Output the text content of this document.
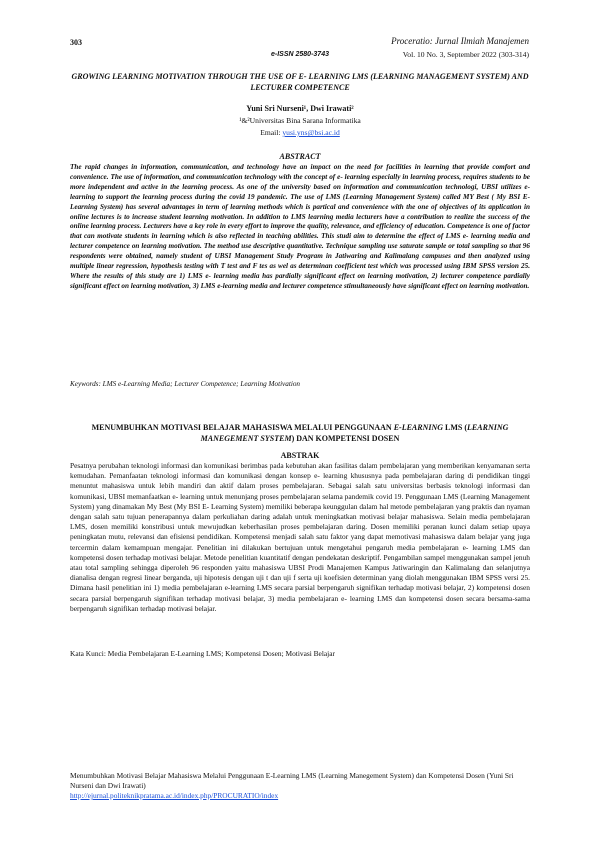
303	Proceratio: Jurnal Ilmiah Manajemen
e-ISSN 2580-3743	Vol. 10 No. 3, September 2022 (303-314)
GROWING LEARNING MOTIVATION THROUGH THE USE OF E- LEARNING LMS (LEARNING MANAGEMENT SYSTEM) AND LECTURER COMPETENCE
Yuni Sri Nurseni¹, Dwi Irawati²
¹&²Universitas Bina Sarana Informatika
Email: yusi.yns@bsi.ac.id
ABSTRACT
The rapid changes in information, communication, and technology have an impact on the need for facilities in learning that provide comfort and convenience. The use of information, and communication technology with the concept of e- learning especially in learning process, requires students to be more independent and active in the learning process. As one of the university based on information and communication technologi, UBSI utilizes e- learning to support the learning process during the covid 19 pandemic. The use of LMS (Learning Management System) called MY Best ( My BSI E- Learning System) has several advantages in term of learning methods which is partical and convenience with the one of objectives of its application in online lectures is to increase student learning motivation. In addition to LMS learning media lecturers have a contribution to realize the success of the online learning process. Lecturers have a key role in every effort to improve the quality, relevance, and efficiency of education. Competence is one of factor that can motivate students in learning which is also reflected in teaching abilities. This studi aim to determine the effect of LMS e- learning media and lecturer competence on learning motivation. The method use descriptive quantitative. Technique sampling use saturate sample or total sampling so that 96 respondents were obtained, namely student of UBSI Management Study Program in Jatiwaring and Kalimalang campuses and then analyzed using multiple linear regression, hypothesis testing with T test and F tes as wel as determinan coefficient test which was processed using IBM SPSS version 25. Where the results of this study are 1) LMS e- learning media has pardially significant effect on learning motivation, 2) lecturer competence pardially significant effect on learning motivation, 3) LMS e-learning media and lecturer competence stimultaneously have significant effect on learning motivation.
Keywords: LMS e-Learning Media; Lecturer Competence; Learning Motivation
MENUMBUHKAN MOTIVASI BELAJAR MAHASISWA MELALUI PENGGUNAAN E-LEARNING LMS (LEARNING MANEGEMENT SYSTEM) DAN KOMPETENSI DOSEN
ABSTRAK
Pesatnya perubahan teknologi informasi dan komunikasi berimbas pada kebutuhan akan fasilitas dalam pembelajaran yang memberikan kenyamanan serta kemudahan. Pemanfaatan teknologi informasi dan komunikasi dengan konsep e- learning khususnya pada pembelajaran daring di pendidikan tinggi menuntut mahasiswa untuk lebih mandiri dan aktif dalam proses pembelajaran. Sebagai salah satu universitas berbasis teknologi informasi dan komunikasi, UBSI memanfaatkan e- learning untuk menunjang proses pembelajaran selama pandemik covid 19. Penggunaan LMS (Learning Management System) yang dinamakan My Best (My BSI E- Learning System) memiliki beberapa keunggulan dalam hal metode pembelajaran yang praktis dan nyaman dengan salah satu tujuan penerapannya dalam perkuliahan daring adalah untuk meningkatkan motivasi belajar mahasiswa. Selain media pembelajaran LMS, dosen memiliki konstribusi untuk mewujudkan keberhasilan proses pembelajaran daring. Dosen memiliki peranan kunci dalam setiap upaya peningkatan mutu, relevansi dan efisiensi pendidikan. Kompetensi menjadi salah satu faktor yang dapat memotivasi mahasiswa dalam belajar yang juga tercermin dalam kemampuan mengajar. Penelitian ini dilakukan bertujuan untuk mengetahui pengaruh media pembelajaran e- learning LMS dan kompetensi dosen terhadap motivasi belajar. Metode penelitian kuantitatif dengan pendekatan deskriptif. Pengambilan sampel menggunakan sampel jenuh atau total sampling sehingga diperoleh 96 responden yaitu mahasiswa UBSI Prodi Manajemen Kampus Jatiwaringin dan Kalimalang dan selanjutnya dianalisa dengan regresi linear berganda, uji hipotesis dengan uji t dan uji f serta uji koefisien determinan yang diolah menggunakan IBM SPSS versi 25. Dimana hasil penelitian ini 1) media pembelajaran e-learning LMS secara parsial berpengaruh signifikan terhadap motivasi belajar, 2) kompetensi dosen secara parsial berpengaruh signifikan terhadap motivasi belajar, 3) media pembelajaran e- learning LMS dan kompetensi dosen secara bersama-sama berpengaruh signifikan terhadap motivasi belajar.
Kata Kunci: Media Pembelajaran E-Learning LMS; Kompetensi Dosen; Motivasi Belajar
Menumbuhkan Motivasi Belajar Mahasiswa Melalui Penggunaan E-Learning LMS (Learning Manegement System) dan Kompetensi Dosen (Yuni Sri Nurseni dan Dwi Irawati)
http://ejurnal.politeknikpratama.ac.id/index.php/PROCURATIO/index
